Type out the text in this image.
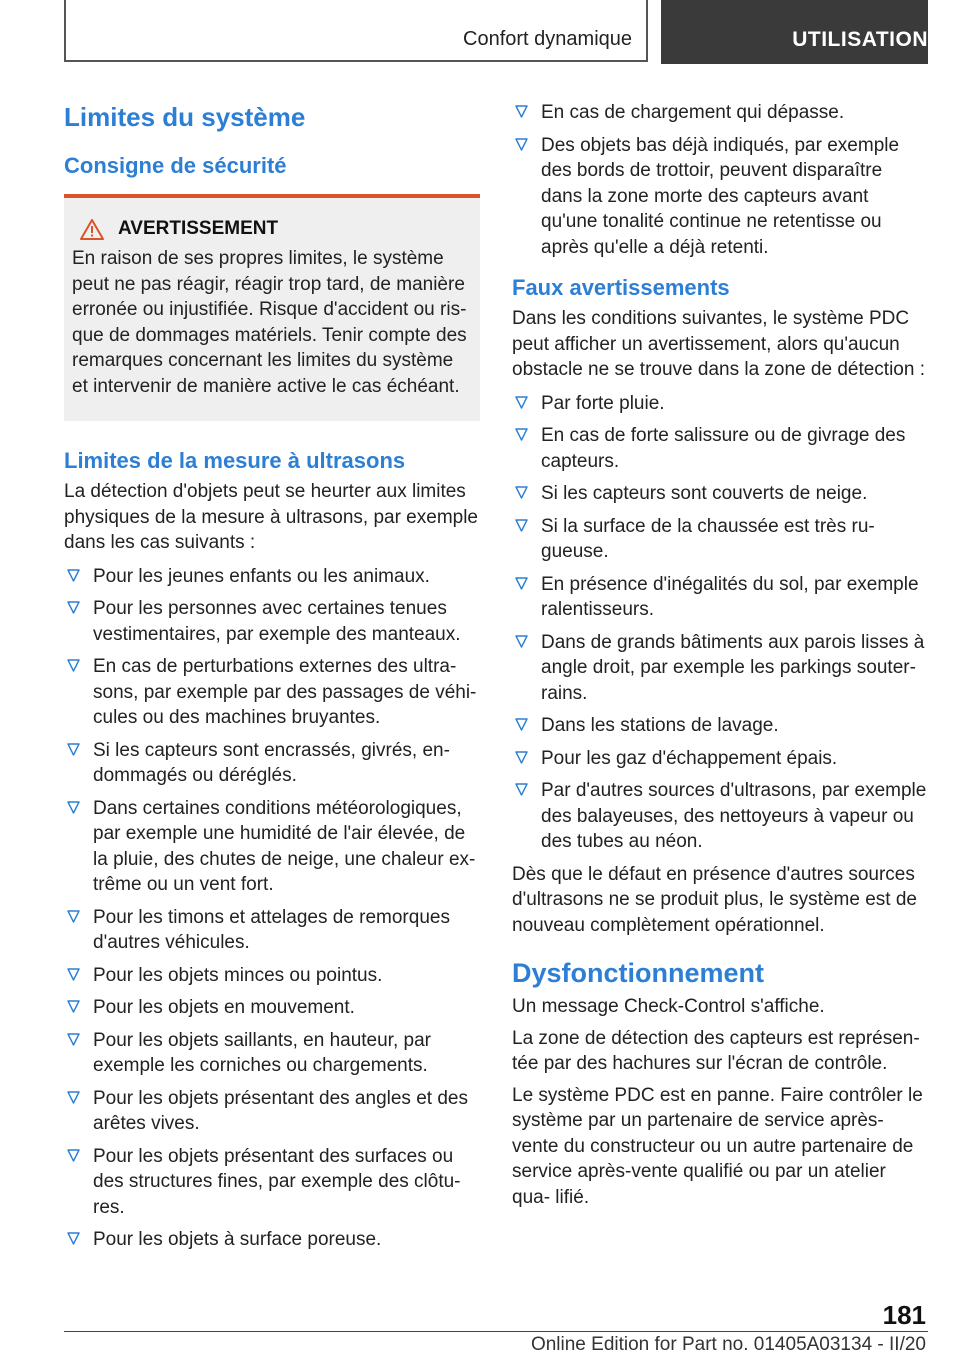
Confort dynamique	UTILISATION
Limites du système
Consigne de sécurité
AVERTISSEMENT
En raison de ses propres limites, le système peut ne pas réagir, réagir trop tard, de manière erronée ou injustifiée. Risque d'accident ou ris- que de dommages matériels. Tenir compte des remarques concernant les limites du système et intervenir de manière active le cas échéant.
Limites de la mesure à ultrasons

La détection d'objets peut se heurter aux limites physiques de la mesure à ultrasons, par exemple dans les cas suivants :

Pour les jeunes enfants ou les animaux.
Pour les personnes avec certaines tenues vestimentaires, par exemple des manteaux.
En cas de perturbations externes des ultra- sons, par exemple par des passages de véhi- cules ou des machines bruyantes.
Si les capteurs sont encrassés, givrés, en- dommagés ou déréglés.
Dans certaines conditions météorologiques, par exemple une humidité de l'air élevée, de la pluie, des chutes de neige, une chaleur ex- trême ou un vent fort.
Pour les timons et attelages de remorques d'autres véhicules.
Pour les objets minces ou pointus.
Pour les objets en mouvement.
Pour les objets saillants, en hauteur, par exemple les corniches ou chargements.
Pour les objets présentant des angles et des arêtes vives.
Pour les objets présentant des surfaces ou des structures fines, par exemple des clôtu- res.
Pour les objets à surface poreuse.
En cas de chargement qui dépasse.
Des objets bas déjà indiqués, par exemple des bords de trottoir, peuvent disparaître dans la zone morte des capteurs avant qu'une tonalité continue ne retentisse ou après qu'elle a déjà retenti.
Faux avertissements

Dans les conditions suivantes, le système PDC peut afficher un avertissement, alors qu'aucun obstacle ne se trouve dans la zone de détection :

Par forte pluie.
En cas de forte salissure ou de givrage des capteurs.
Si les capteurs sont couverts de neige.
Si la surface de la chaussée est très ru- gueuse.
En présence d'inégalités du sol, par exemple ralentisseurs.
Dans de grands bâtiments aux parois lisses à angle droit, par exemple les parkings souter- rains.
Dans les stations de lavage.
Pour les gaz d'échappement épais.
Par d'autres sources d'ultrasons, par exemple des balayeuses, des nettoyeurs à vapeur ou des tubes au néon.

Dès que le défaut en présence d'autres sources d'ultrasons ne se produit plus, le système est de nouveau complètement opérationnel.

Dysfonctionnement

Un message Check-Control s'affiche.

La zone de détection des capteurs est représen- tée par des hachures sur l'écran de contrôle.

Le système PDC est en panne. Faire contrôler le système par un partenaire de service après- vente du constructeur ou un autre partenaire de service après-vente qualifié ou par un atelier qua- lifié.

181
Online Edition for Part no. 01405A03134 - II/20
